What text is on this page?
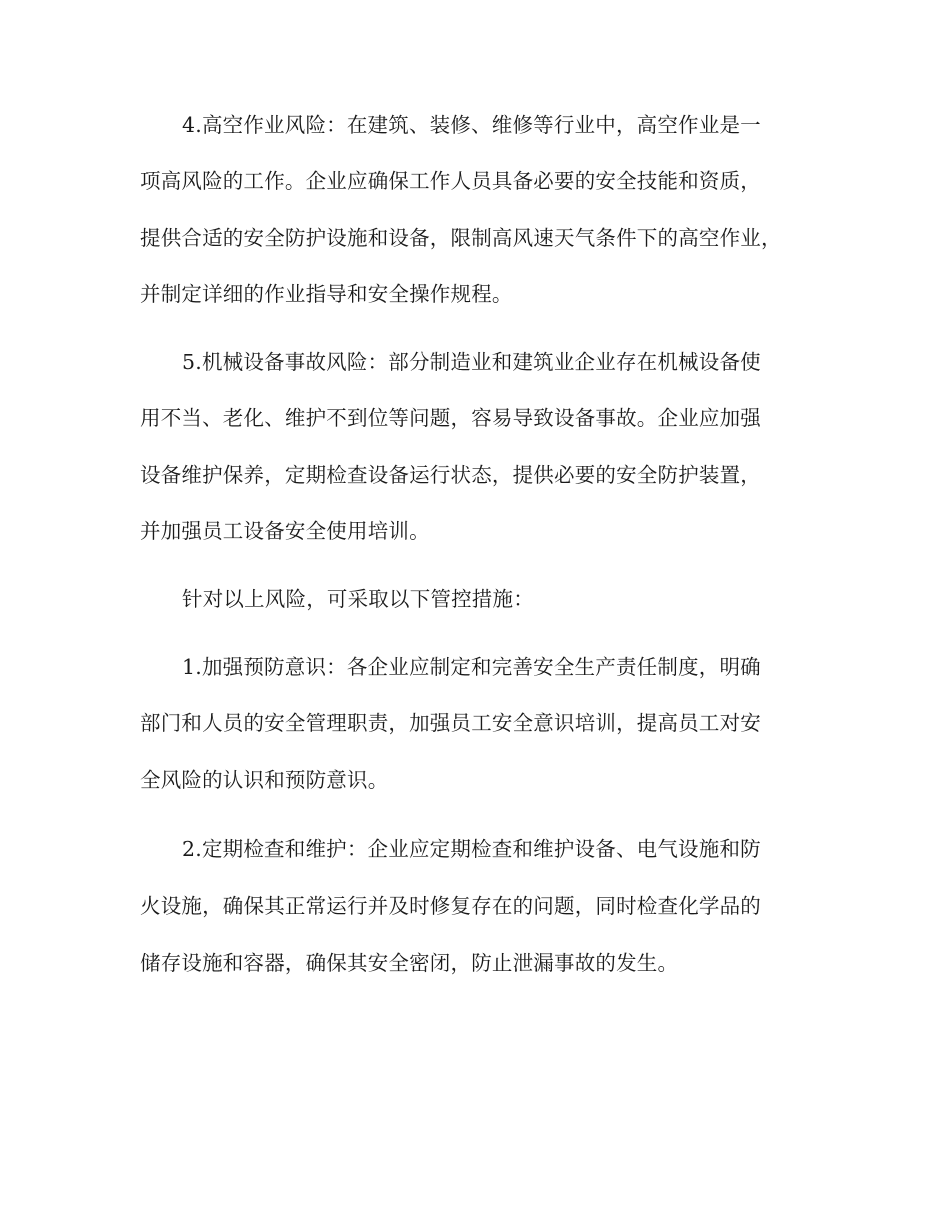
4.高空作业风险：在建筑、装修、维修等行业中，高空作业是一
项高风险的工作。企业应确保工作人员具备必要的安全技能和资质，
提供合适的安全防护设施和设备，限制高风速天气条件下的高空作业，
并制定详细的作业指导和安全操作规程。
5.机械设备事故风险：部分制造业和建筑业企业存在机械设备使
用不当、老化、维护不到位等问题，容易导致设备事故。企业应加强
设备维护保养，定期检查设备运行状态，提供必要的安全防护装置，
并加强员工设备安全使用培训。
针对以上风险，可采取以下管控措施：
1.加强预防意识：各企业应制定和完善安全生产责任制度，明确
部门和人员的安全管理职责，加强员工安全意识培训，提高员工对安
全风险的认识和预防意识。
2.定期检查和维护：企业应定期检查和维护设备、电气设施和防
火设施，确保其正常运行并及时修复存在的问题，同时检查化学品的
储存设施和容器，确保其安全密闭，防止泄漏事故的发生。
